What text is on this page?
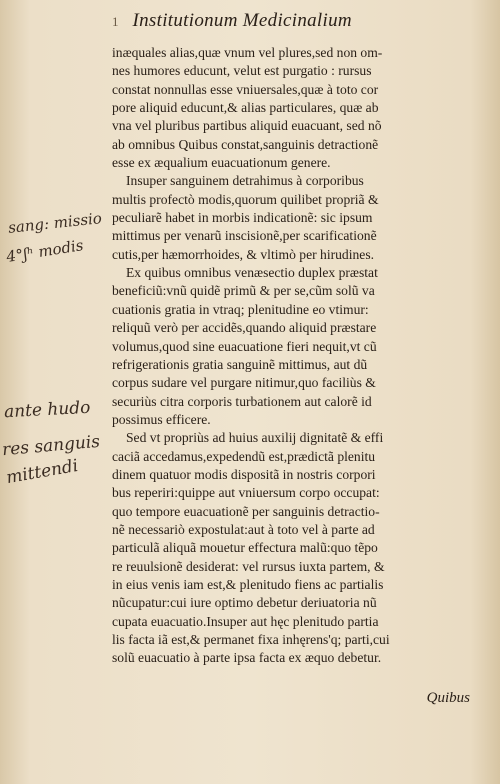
1 Institutionum Medicinalium
sang: missio
4°ʃʰ modis
ante hudo
res sanguis
mittendi
inæquales alias,quæ vnum vel plures,sed non om-
nes humores educunt, velut est purgatio : rursus
constat nonnullas esse vniuersales,quæ à toto cor
pore aliquid educunt,& alias particulares, quæ ab
vna vel pluribus partibus aliquid euacuant, sed nõ
ab omnibus Quibus constat,sanguinis detractionẽ
esse ex æqualium euacuationum genere.
Insuper sanguinem detrahimus à corporibus
multis profectò modis,quorum quilibet propriã &
peculiarẽ habet in morbis indicationẽ: sic ipsum
mittimus per venarũ inscisionẽ,per scarificationẽ
cutis,per hæmorrhoides, & vltimò per hirudines.
Ex quibus omnibus venæsectio duplex præstat
beneficiũ:vnũ quidẽ primũ & per se,cũm solũ va
cuationis gratia in vtraq; plenitudine eo vtimur:
reliquũ verò per accidẽs,quando aliquid præstare
volumus,quod sine euacuatione fieri nequit,vt cũ
refrigerationis gratia sanguinẽ mittimus, aut dũ
corpus sudare vel purgare nitimur,quo faciliùs &
securiùs citra corporis turbationem aut calorẽ id
possimus efficere.
Sed vt propriùs ad huius auxilij dignitatẽ & effi
caciã accedamus,expedendũ est,prædictã plenitu
dinem quatuor modis dispositã in nostris corpori
bus reperiri:quippe aut vniuersum corpo occupat:
quo tempore euacuationẽ per sanguinis detractio-
nẽ necessariò expostulat:aut à toto vel à parte ad
particulã aliquã mouetur effectura malũ:quo tẽpo
re reuulsionẽ desiderat: vel rursus iuxta partem, &
in eius venis iam est,& plenitudo fiens ac partialis
nũcupatur:cui iure optimo debetur deriuatoria nũ
cupata euacuatio.Insuper aut hęc plenitudo partia
lis facta iã est,& permanet fixa inhęrens'q; parti,cui
solũ euacuatio à parte ipsa facta ex æquo debetur.
Quibus
